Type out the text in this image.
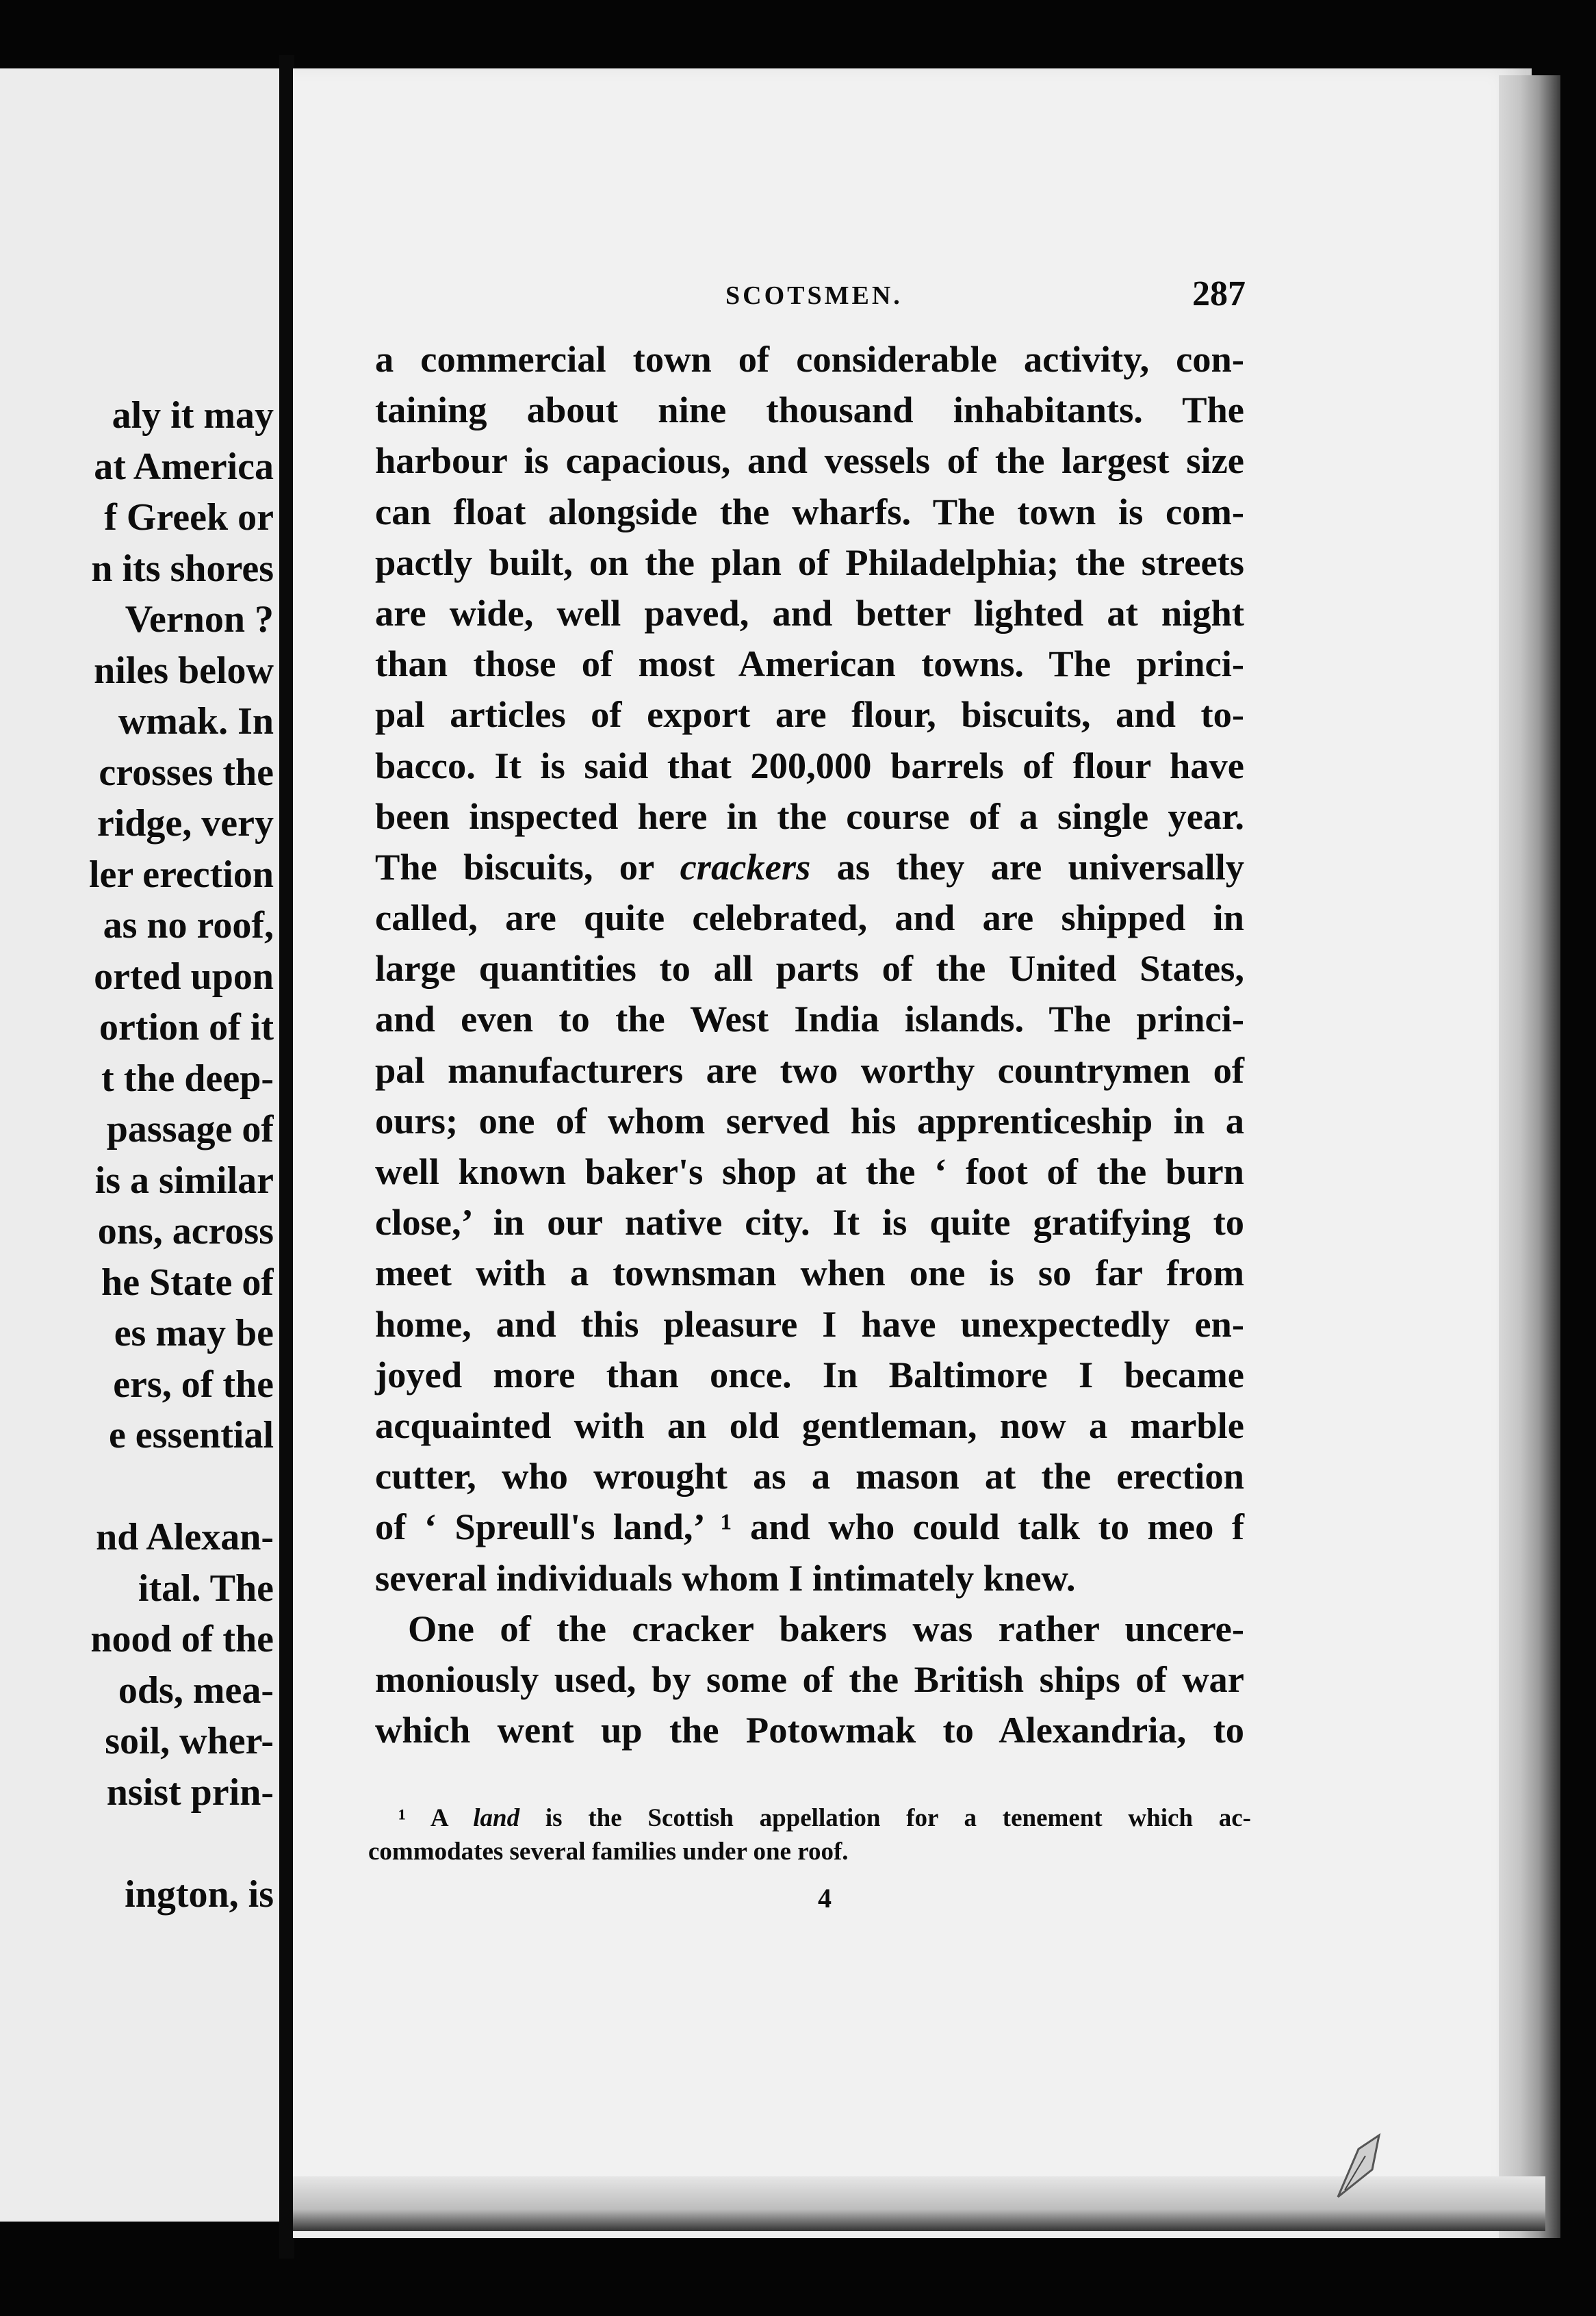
aly it may
at America
f Greek or
n its shores
Vernon ?
niles below
wmak. In
crosses the
ridge, very
ler erection
as no roof,
orted upon
ortion of it
t the deep-
passage of
is a similar
ons, across
he State of
es may be
ers, of the
e essential
nd Alexan-
ital. The
nood of the
ods, mea-
soil, wher-
nsist prin-
ington, is
SCOTSMEN.	287
a commercial town of considerable activity, con-
taining about nine thousand inhabitants. The
harbour is capacious, and vessels of the largest size
can float alongside the wharfs. The town is com-
pactly built, on the plan of Philadelphia; the streets
are wide, well paved, and better lighted at night
than those of most American towns. The princi-
pal articles of export are flour, biscuits, and to-
bacco. It is said that 200,000 barrels of flour have
been inspected here in the course of a single year.
The biscuits, or crackers as they are universally
called, are quite celebrated, and are shipped in
large quantities to all parts of the United States,
and even to the West India islands. The princi-
pal manufacturers are two worthy countrymen of
ours; one of whom served his apprenticeship in a
well known baker's shop at the ‘ foot of the burn
close,’ in our native city. It is quite gratifying to
meet with a townsman when one is so far from
home, and this pleasure I have unexpectedly en-
joyed more than once. In Baltimore I became
acquainted with an old gentleman, now a marble
cutter, who wrought as a mason at the erection
of ‘ Spreull's land,’ ¹ and who could talk to meo f
several individuals whom I intimately knew.
One of the cracker bakers was rather uncere-
moniously used, by some of the British ships of war
which went up the Potowmak to Alexandria, to
¹ A land is the Scottish appellation for a tenement which ac-
commodates several families under one roof.
4
